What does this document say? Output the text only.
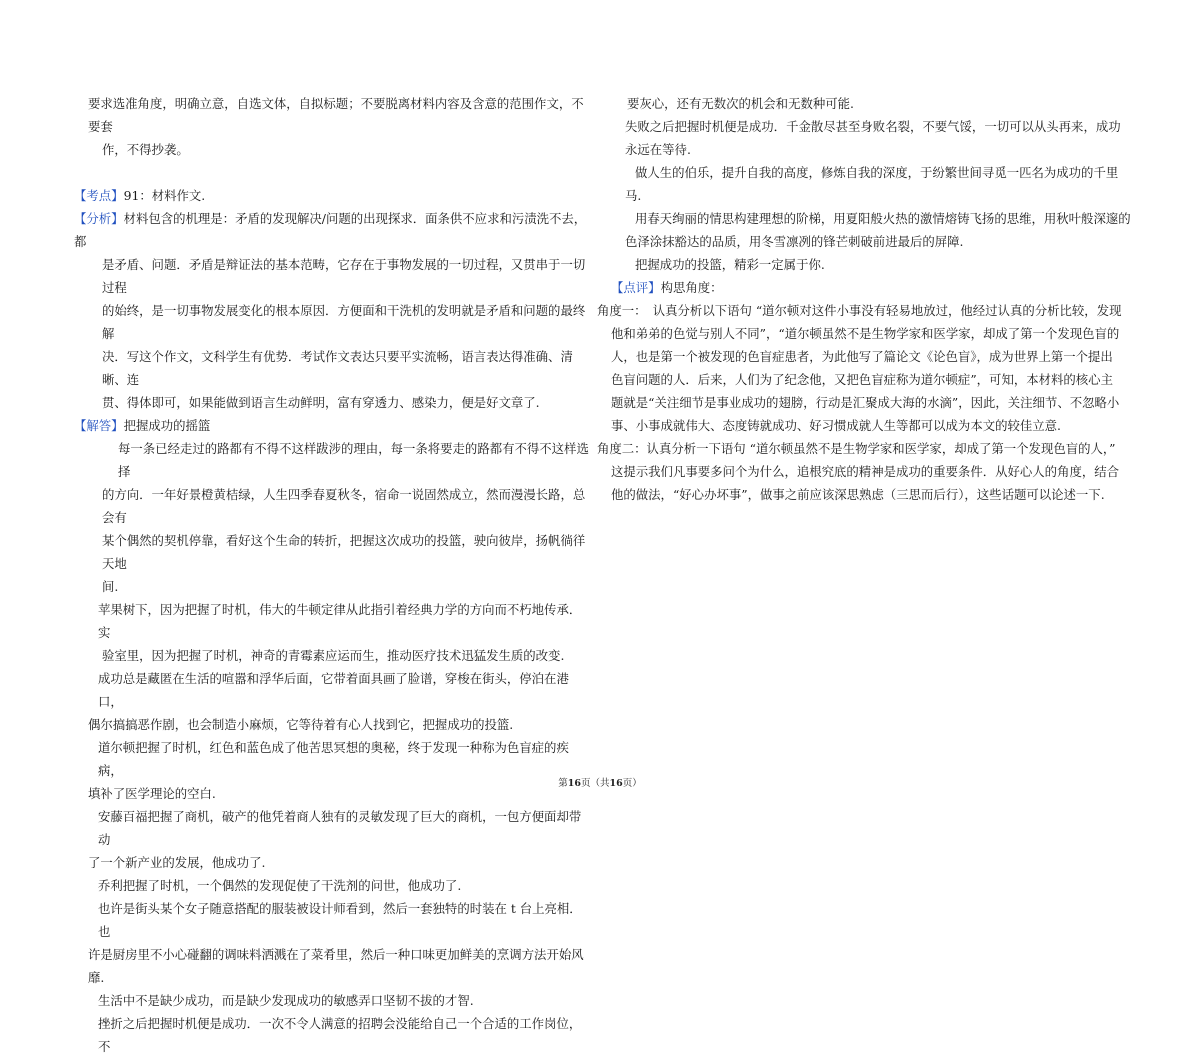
要求选准角度，明确立意，自选文体，自拟标题；不要脱离材料内容及含意的范围作文，不要套

作，不得抄袭。

【考点】91：材料作文.

【分析】材料包含的机理是：矛盾的发现解决/问题的出现探求．面条供不应求和污渍洗不去，都

是矛盾、问题．矛盾是辩证法的基本范畴，它存在于事物发展的一切过程，又贯串于一切过程

的始终，是一切事物发展变化的根本原因．方便面和干洗机的发明就是矛盾和问题的最终解

决．写这个作文，文科学生有优势．考试作文表达只要平实流畅，语言表达得准确、清晰、连

贯、得体即可，如果能做到语言生动鲜明，富有穿透力、感染力，便是好文章了.

【解答】把握成功的摇篮

每一条已经走过的路都有不得不这样跋涉的理由，每一条将要走的路都有不得不这样选择

的方向．一年好景橙黄桔绿，人生四季春夏秋冬，宿命一说固然成立，然而漫漫长路，总会有

某个偶然的契机停靠，看好这个生命的转折，把握这次成功的投篮，驶向彼岸，扬帆徜徉天地

间.

苹果树下，因为把握了时机，伟大的牛顿定律从此指引着经典力学的方向而不朽地传承．实

验室里，因为把握了时机，神奇的青霉素应运而生，推动医疗技术迅猛发生质的改变.

成功总是藏匿在生活的喧嚣和浮华后面，它带着面具画了脸谱，穿梭在街头，停泊在港口，

偶尔搞搞恶作剧，也会制造小麻烦，它等待着有心人找到它，把握成功的投篮.

道尔顿把握了时机，红色和蓝色成了他苦思冥想的奥秘，终于发现一种称为色盲症的疾病，

填补了医学理论的空白.

安藤百福把握了商机，破产的他凭着商人独有的灵敏发现了巨大的商机，一包方便面却带动

了一个新产业的发展，他成功了.

乔利把握了时机，一个偶然的发现促使了干洗剂的问世，他成功了.

也许是街头某个女子随意搭配的服装被设计师看到，然后一套独特的时装在 t 台上亮相．也

许是厨房里不小心碰翻的调味料洒溅在了菜肴里，然后一种口味更加鲜美的烹调方法开始风

靡.

生活中不是缺少成功，而是缺少发现成功的敏感弄口坚韧不拔的才智.

挫折之后把握时机便是成功．一次不令人满意的招聘会没能给自己一个合适的工作岗位，不

要灰心，还有无数次的机会和无数种可能.

失败之后把握时机便是成功．千金散尽甚至身败名裂，不要气馁，一切可以从头再来，成功

永远在等待.

做人生的伯乐，提升自我的高度，修炼自我的深度，于纷繁世间寻觅一匹名为成功的千里

马.

用春天绚丽的情思构建理想的阶梯，用夏阳般火热的激情熔铸飞扬的思维，用秋叶般深邃的

色泽涂抹豁达的品质，用冬雪凛冽的锋芒刺破前进最后的屏障.

把握成功的投篮，精彩一定属于你.

【点评】构思角度：

角度一：　认真分析以下语句 “道尔顿对这件小事没有轻易地放过，他经过认真的分析比较，发现

他和弟弟的色觉与别人不同”，“道尔顿虽然不是生物学家和医学家，却成了第一个发现色盲的

人，也是第一个被发现的色盲症患者，为此他写了篇论文《论色盲》，成为世界上第一个提出

色盲问题的人．后来，人们为了纪念他，又把色盲症称为道尔顿症”，可知，本材料的核心主

题就是“关注细节是事业成功的翅膀，行动是汇聚成大海的水滴”，因此，关注细节、不忽略小

事、小事成就伟大、态度铸就成功、好习惯成就人生等都可以成为本文的较佳立意.

角度二：认真分析一下语句 “道尔顿虽然不是生物学家和医学家，却成了第一个发现色盲的人，”

这提示我们凡事要多问个为什么，追根究底的精神是成功的重要条件．从好心人的角度，结合

他的做法，“好心办坏事”，做事之前应该深思熟虑（三思而后行），这些话题可以论述一下.

第16页（共16页）
